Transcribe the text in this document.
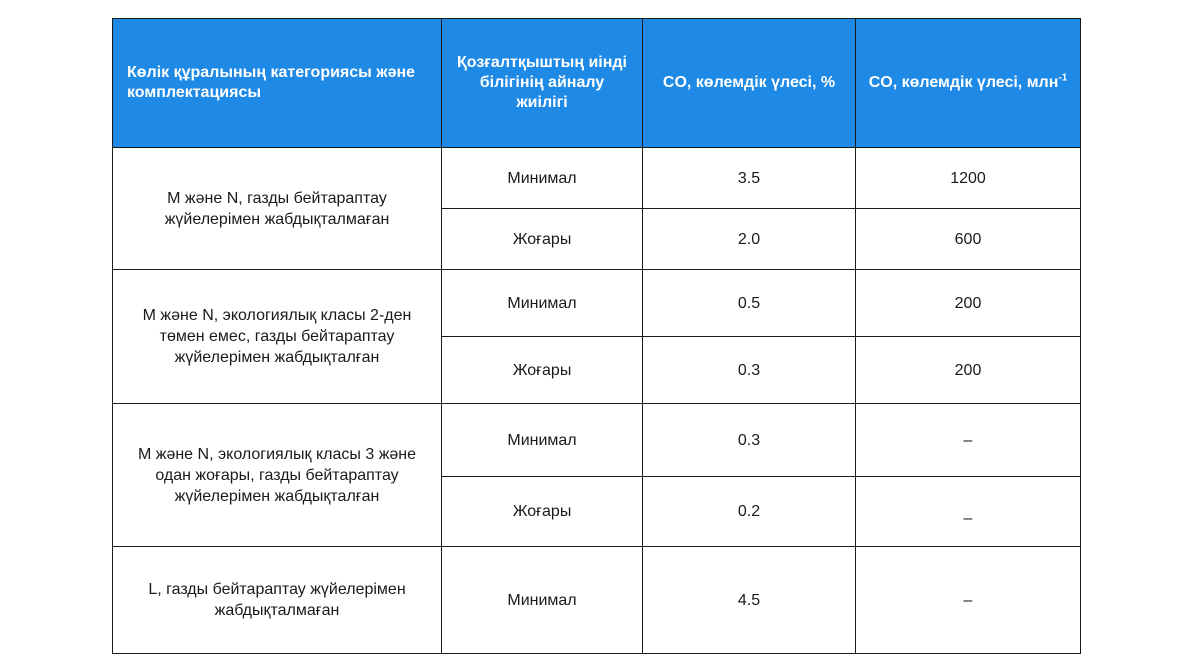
Көлік құралының категориясы және комплектациясы	Қозғалтқыштың иінді білігінің айналу жиілігі	CO, көлемдік үлесі, %	CO, көлемдік үлесі, млн$^{-1}$
M және N, газды бейтараптау жүйелерімен жабдықталмаған	Минимал	3.5	1200
	Жоғары	2.0	600
M және N, экологиялық класы 2-ден төмен емес, газды бейтараптау жүйелерімен жабдықталған	Минимал	0.5	200
	Жоғары	0.3	200
M және N, экологиялық класы 3 және одан жоғары, газды бейтараптау жүйелерімен жабдықталған	Минимал	0.3	–
	Жоғары	0.2	–
L, газды бейтараптау жүйелерімен жабдықталмаған	Минимал	4.5	–
